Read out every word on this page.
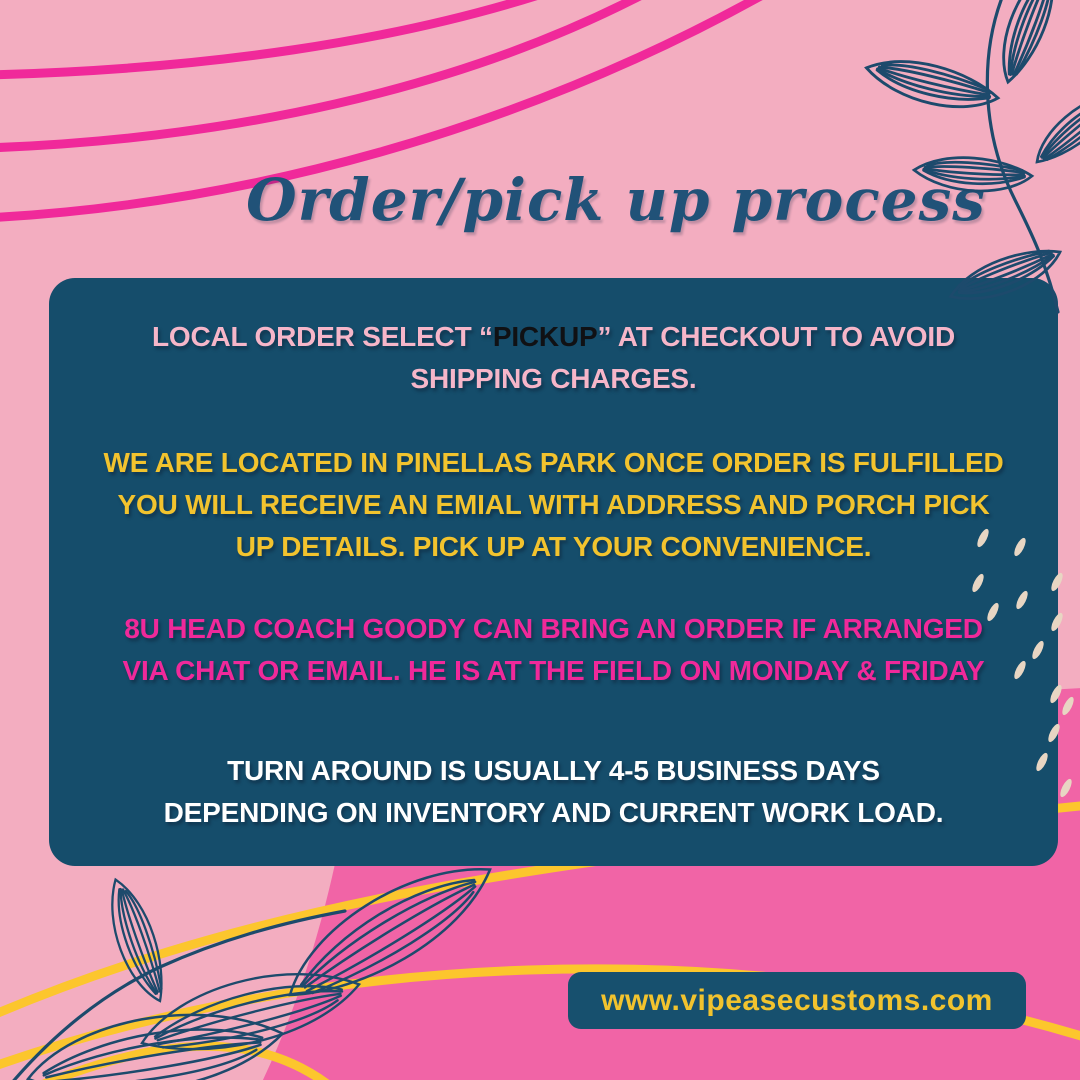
Order/pick up process

LOCAL ORDER SELECT “PICKUP” AT CHECKOUT TO AVOID
SHIPPING CHARGES.

WE ARE LOCATED IN PINELLAS PARK ONCE ORDER IS FULFILLED
YOU WILL RECEIVE AN EMIAL WITH ADDRESS AND PORCH PICK
UP DETAILS. PICK UP AT YOUR CONVENIENCE.

8U HEAD COACH GOODY CAN BRING AN ORDER IF ARRANGED
VIA CHAT OR EMAIL. HE IS AT THE FIELD ON MONDAY & FRIDAY

TURN AROUND IS USUALLY 4-5 BUSINESS DAYS
DEPENDING ON INVENTORY AND CURRENT WORK LOAD.

www.vipeasecustoms.com
